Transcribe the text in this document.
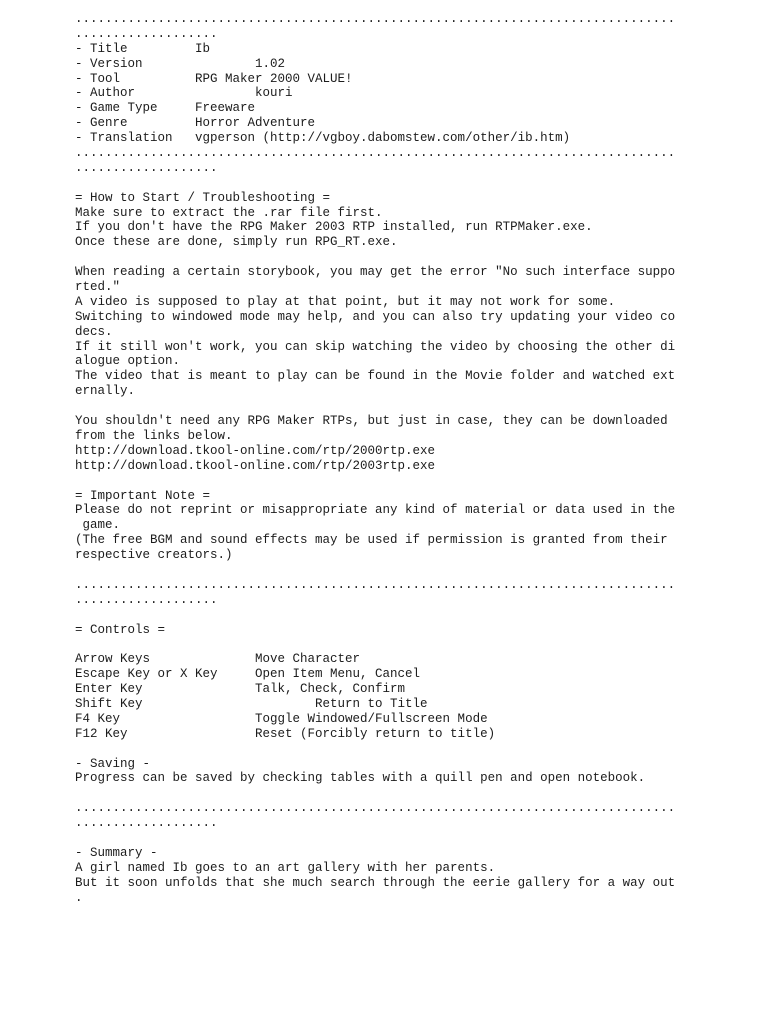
................................................................................
...................
- Title         Ib
- Version               1.02
- Tool          RPG Maker 2000 VALUE!
- Author                kouri
- Game Type     Freeware
- Genre         Horror Adventure
- Translation   vgperson (http://vgboy.dabomstew.com/other/ib.htm)
................................................................................
...................
= How to Start / Troubleshooting =
Make sure to extract the .rar file first.
If you don't have the RPG Maker 2003 RTP installed, run RTPMaker.exe.
Once these are done, simply run RPG_RT.exe.
When reading a certain storybook, you may get the error "No such interface suppo
rted."
A video is supposed to play at that point, but it may not work for some.
Switching to windowed mode may help, and you can also try updating your video co
decs.
If it still won't work, you can skip watching the video by choosing the other di
alogue option.
The video that is meant to play can be found in the Movie folder and watched ext
ernally.
You shouldn't need any RPG Maker RTPs, but just in case, they can be downloaded
from the links below.
http://download.tkool-online.com/rtp/2000rtp.exe
http://download.tkool-online.com/rtp/2003rtp.exe
= Important Note =
Please do not reprint or misappropriate any kind of material or data used in the
game.
(The free BGM and sound effects may be used if permission is granted from their
respective creators.)
................................................................................
...................
= Controls =
Arrow Keys              Move Character
Escape Key or X Key     Open Item Menu, Cancel
Enter Key               Talk, Check, Confirm
Shift Key                       Return to Title
F4 Key                  Toggle Windowed/Fullscreen Mode
F12 Key                 Reset (Forcibly return to title)
- Saving -
Progress can be saved by checking tables with a quill pen and open notebook.
................................................................................
...................
- Summary -
A girl named Ib goes to an art gallery with her parents.
But it soon unfolds that she much search through the eerie gallery for a way out
.
